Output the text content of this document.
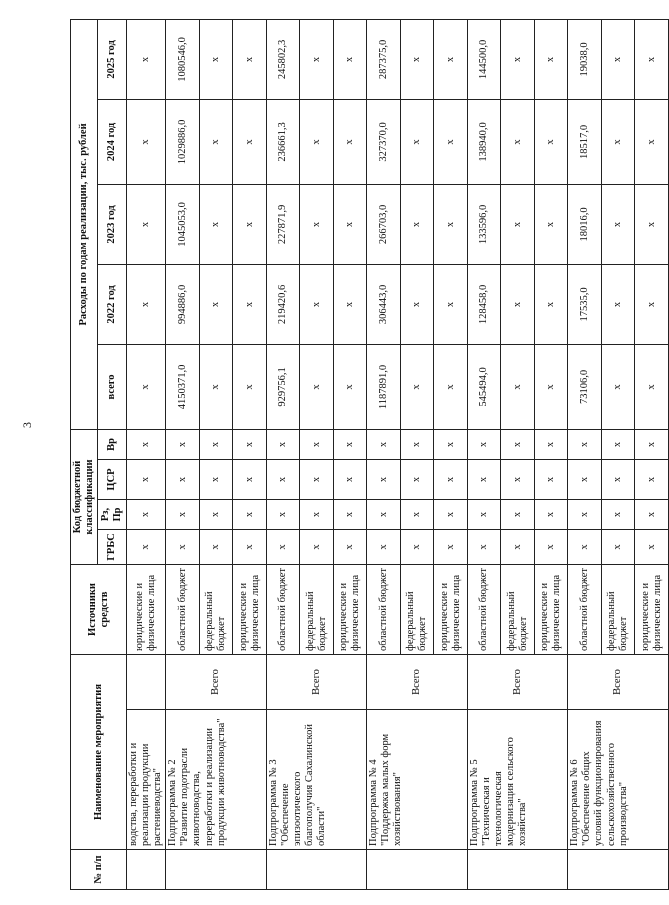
3
№ п/п	Наименование мероприятия		Источники средств	Код бюджетной классификации				Расходы по годам реализации, тыс. рублей				
				ГРБС	Рз, Пр	ЦСР	Вр	всего	2022 год	2023 год	2024 год	2025 год
	водства, переработки и реализации продукции растениеводства"		юридические и физические лица	х	х	х	х	х	х	х	х	х
	Подпрограмма № 2 "Развитие подотрасли животноводства, переработки и реализации продукции животноводства"	Всего	областной бюджет	х	х	х	х	4150371,0	994886,0	1045053,0	1029886,0	1080546,0
			федеральный бюджет	х	х	х	х	х	х	х	х	х
			юридические и физические лица	х	х	х	х	х	х	х	х	х
	Подпрограмма № 3 "Обеспечение эпизоотического благополучия Сахалинской области"	Всего	областной бюджет	х	х	х	х	929756,1	219420,6	227871,9	236661,3	245802,3
			федеральный бюджет	х	х	х	х	х	х	х	х	х
			юридические и физические лица	х	х	х	х	х	х	х	х	х
	Подпрограмма № 4 "Поддержка малых форм хозяйствования"	Всего	областной бюджет	х	х	х	х	1187891,0	306443,0	266703,0	327370,0	287375,0
			федеральный бюджет	х	х	х	х	х	х	х	х	х
			юридические и физические лица	х	х	х	х	х	х	х	х	х
	Подпрограмма № 5 "Техническая и технологическая модернизация сельского хозяйства"	Всего	областной бюджет	х	х	х	х	545494,0	128458,0	133596,0	138940,0	144500,0
			федеральный бюджет	х	х	х	х	х	х	х	х	х
			юридические и физические лица	х	х	х	х	х	х	х	х	х
	Подпрограмма № 6 "Обеспечение общих условий функционирования сельскохозяйственного производства"	Всего	областной бюджет	х	х	х	х	73106,0	17535,0	18016,0	18517,0	19038,0
			федеральный бюджет	х	х	х	х	х	х	х	х	х
			юридические и физические лица	х	х	х	х	х	х	х	х	х
